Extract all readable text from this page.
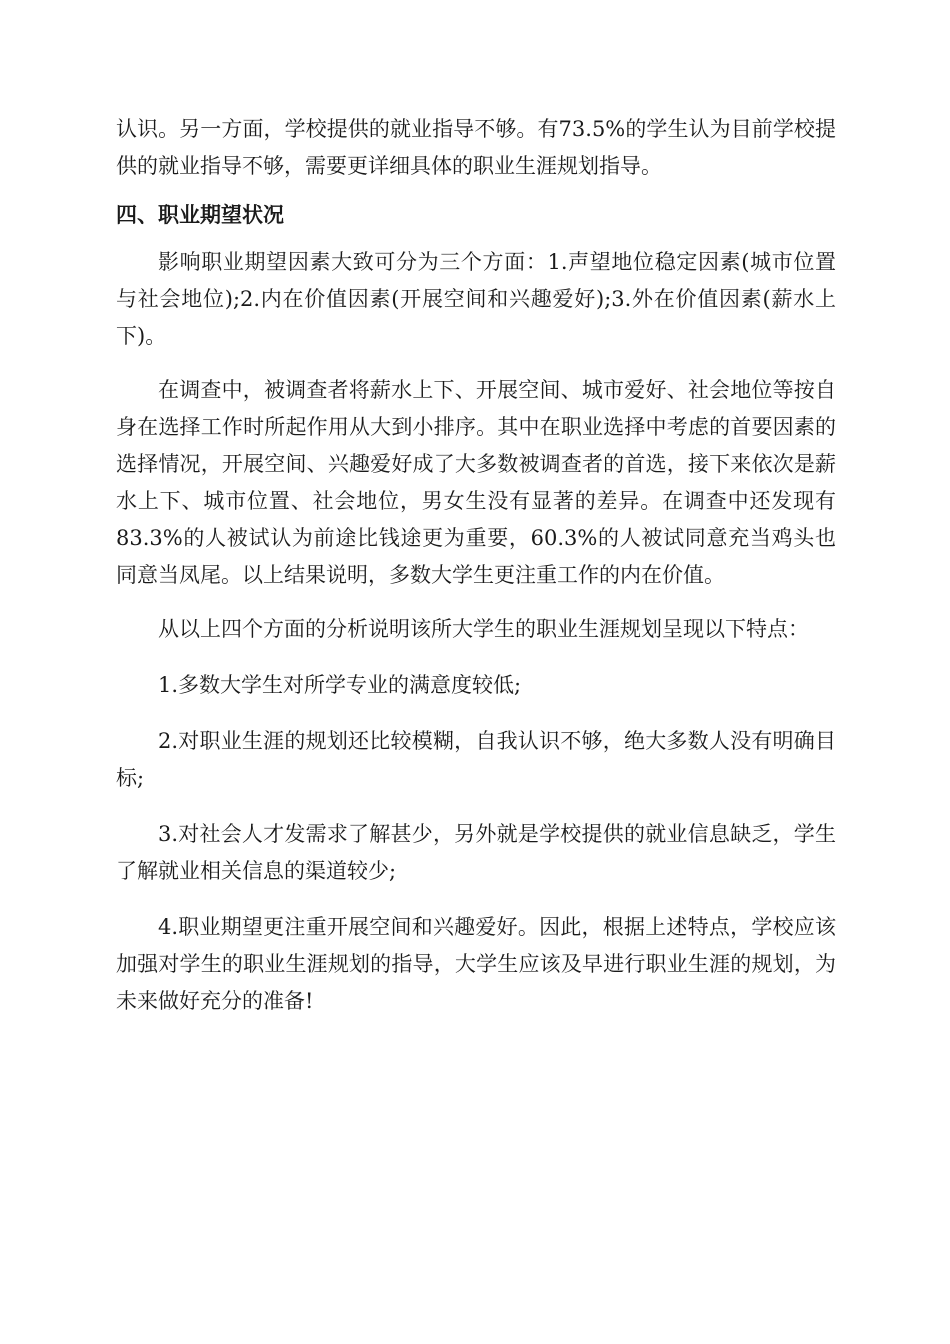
认识。另一方面，学校提供的就业指导不够。有73.5%的学生认为目前学校提供的就业指导不够，需要更详细具体的职业生涯规划指导。

四、职业期望状况

影响职业期望因素大致可分为三个方面：1.声望地位稳定因素(城市位置与社会地位);2.内在价值因素(开展空间和兴趣爱好);3.外在价值因素(薪水上下)。

在调查中，被调查者将薪水上下、开展空间、城市爱好、社会地位等按自身在选择工作时所起作用从大到小排序。其中在职业选择中考虑的首要因素的选择情况，开展空间、兴趣爱好成了大多数被调查者的首选，接下来依次是薪水上下、城市位置、社会地位，男女生没有显著的差异。在调查中还发现有83.3%的人被试认为前途比钱途更为重要，60.3%的人被试同意充当鸡头也同意当凤尾。以上结果说明，多数大学生更注重工作的内在价值。

从以上四个方面的分析说明该所大学生的职业生涯规划呈现以下特点：

1.多数大学生对所学专业的满意度较低;

2.对职业生涯的规划还比较模糊，自我认识不够，绝大多数人没有明确目标;

3.对社会人才发需求了解甚少，另外就是学校提供的就业信息缺乏，学生了解就业相关信息的渠道较少;

4.职业期望更注重开展空间和兴趣爱好。因此，根据上述特点，学校应该加强对学生的职业生涯规划的指导，大学生应该及早进行职业生涯的规划，为未来做好充分的准备!
